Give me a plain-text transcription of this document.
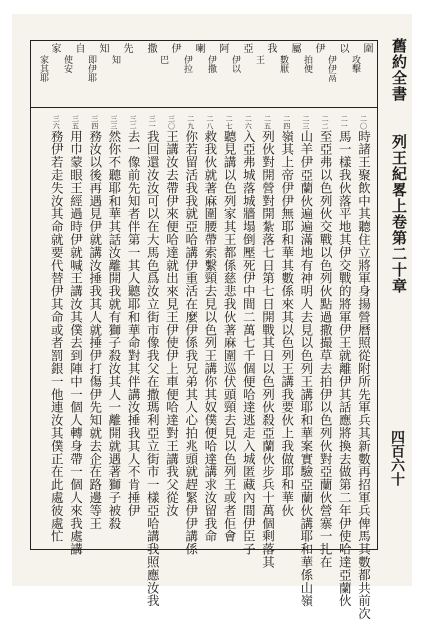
舊約全書
列王紀畧上卷第二十章
四百六十
圍
攻擊
以
伊伊鬲
伊
拍便
屬
數厭
我
王
亞
伊以
阿
伊撒
喇
伊拉
伊
巴
撒
先
知
知
即伊耶
自
使安
家
家其耶
二〇時諸王聚飲中其聽住立將軍身揚營曆照從附所先軍兵其新數再招軍兵俾馬其數都共前次
二一馬一樣我伙落平地其伊交戰的將軍伊王就離伊其話應將換去做第二年伊使哈達亞蘭伙
二二至亞弗以色列伙交戰以色列伙點過撒撮草去拍伊以色列伙對亞蘭伙營寨一扎在
二三山羊伊亞蘭伙遍遍滿地有神明人去見以色列王講耶和華案實驗亞蘭伙講耶和華係山嶺
二四嶺其上帝伊伊無耶和華其數係來其以色列王講我要伙上我做耶和華伙
二五列伙對開營對開紮落七日第七日開戰其日以色列伙殺亞蘭伙步兵十萬個剩落其
二六入亞弗城落城牆塌倒壓死伊中間二萬七千個便哈達逃走入城匿藏內間伊臣子
二七聽見講以色列家其王都係慈悲我伙著麻圍巡伏頭頸去見以色列王或者佢會
二八救我伙就著麻圍腰帶索繫頸去見以色列王講你其奴僕便哈達講求汝留我命
二九你若留活我我就亞哈講伊重活在麼伊係我兄弟其人心拍兆頭就趕緊伊伊講係
三〇王講汝去帶伊來便哈達就出來見王伊使伊上車便哈達對王講我父從汝
三一我回還汝汝可以在大馬色爲汝立街市像我父在撒瑪利亞立街市一樣亞哈講我照應汝我
三二去一像前先知者伴第一其人聽耶和華命對其伴講汝捶我其人不肯捶伊
三三然你不聽耶和華其話汝離開我就有獅子殺汝其人一離開就遇著獅子被殺
三四務汝以後再遇見伊就講汝捶我其人就捶伊打傷伊先知就去企在路邊等王
三五用巾蒙眼王經過時伊就喊王講汝其僕去到陣中一個人轉身帶一個人來我處講
三六務伊若走失汝其命就要代替伊其命或者罰銀一他連汝其僕正在此處彼處忙
